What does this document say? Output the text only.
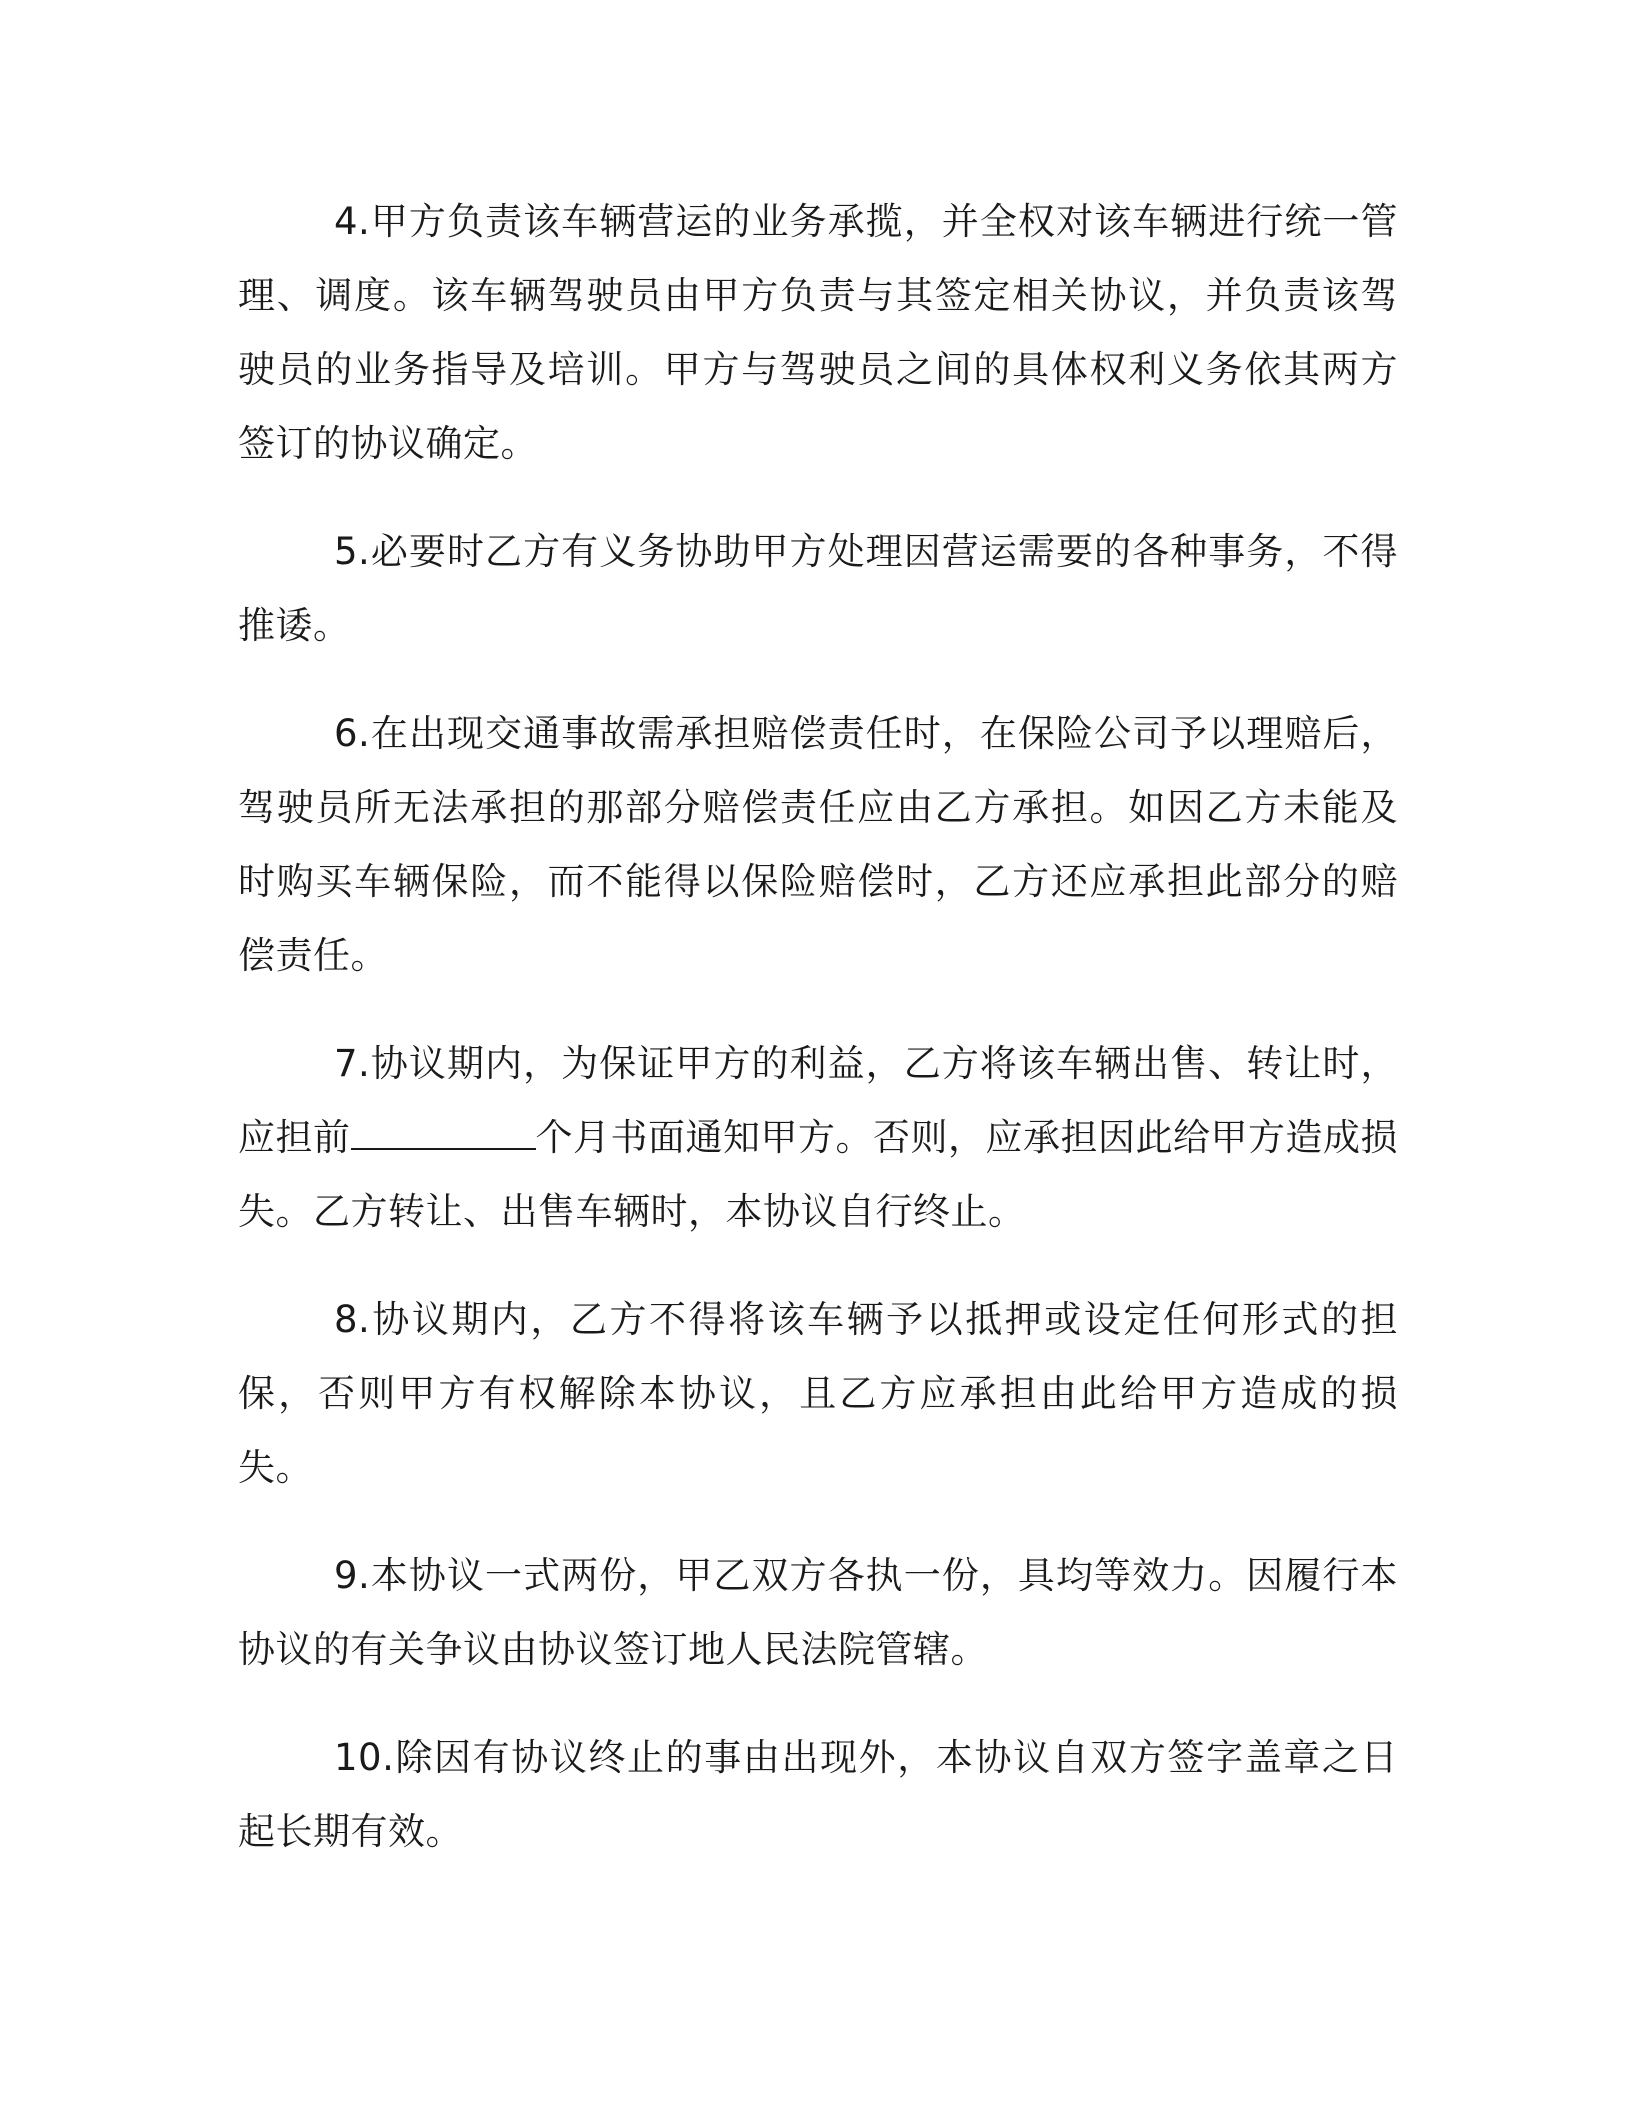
4.甲方负责该车辆营运的业务承揽，并全权对该车辆进行统一管理、调度。该车辆驾驶员由甲方负责与其签定相关协议，并负责该驾驶员的业务指导及培训。甲方与驾驶员之间的具体权利义务依其两方签订的协议确定。

5.必要时乙方有义务协助甲方处理因营运需要的各种事务，不得推诿。

6.在出现交通事故需承担赔偿责任时，在保险公司予以理赔后，驾驶员所无法承担的那部分赔偿责任应由乙方承担。如因乙方未能及时购买车辆保险，而不能得以保险赔偿时，乙方还应承担此部分的赔偿责任。

7.协议期内，为保证甲方的利益，乙方将该车辆出售、转让时，应担前	个月书面通知甲方。否则，应承担因此给甲方造成损失。乙方转让、出售车辆时，本协议自行终止。

8.协议期内，乙方不得将该车辆予以抵押或设定任何形式的担保，否则甲方有权解除本协议，且乙方应承担由此给甲方造成的损失。

9.本协议一式两份，甲乙双方各执一份，具均等效力。因履行本协议的有关争议由协议签订地人民法院管辖。

10.除因有协议终止的事由出现外，本协议自双方签字盖章之日起长期有效。
